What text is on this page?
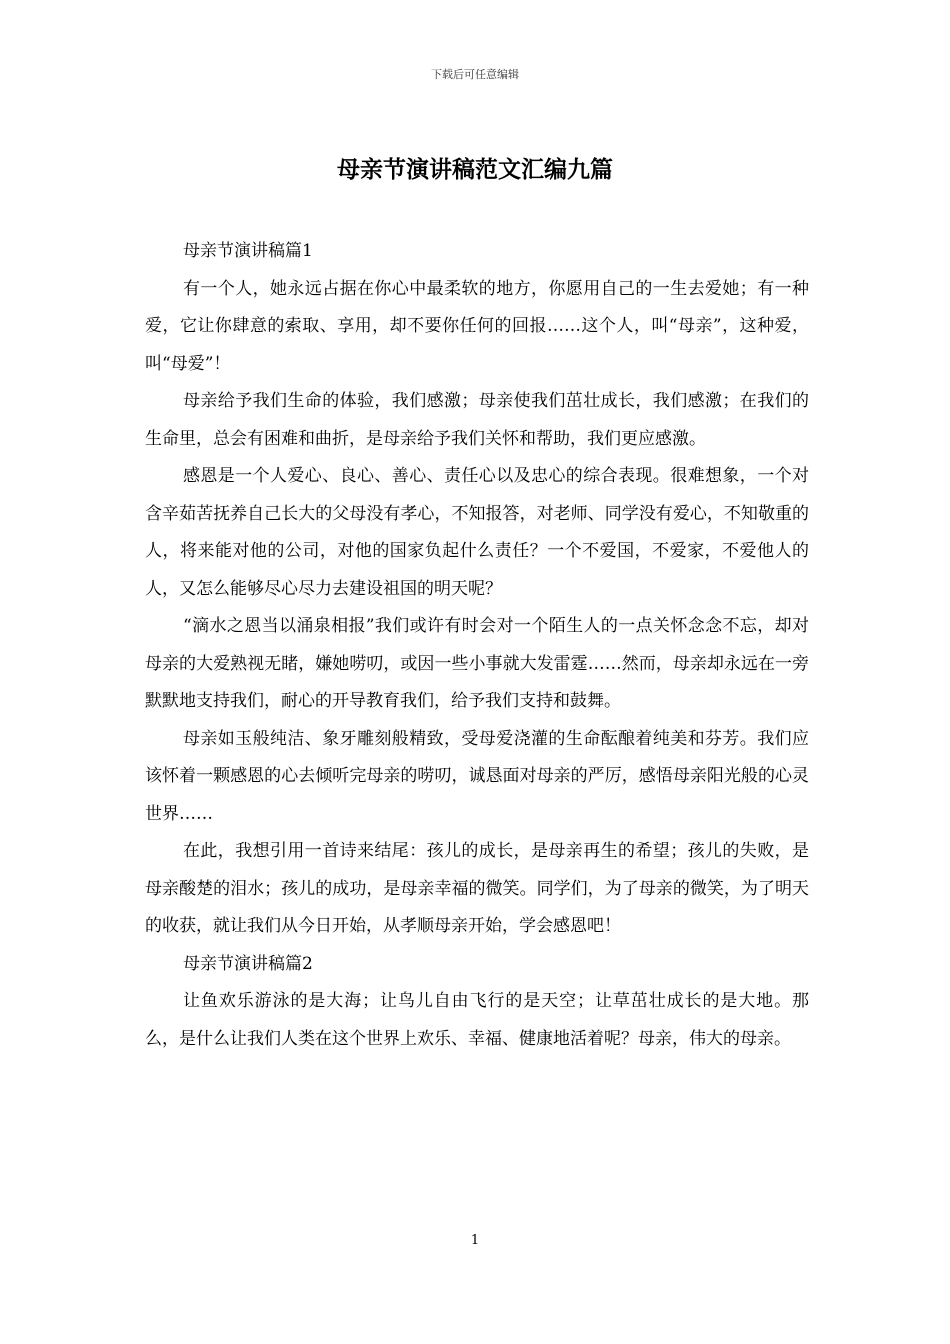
下载后可任意编辑
母亲节演讲稿范文汇编九篇

母亲节演讲稿篇1

有一个人，她永远占据在你心中最柔软的地方，你愿用自己的一生去爱她；有一种爱，它让你肆意的索取、享用，却不要你任何的回报……这个人，叫“母亲”，这种爱，叫“母爱”！

母亲给予我们生命的体验，我们感激；母亲使我们茁壮成长，我们感激；在我们的生命里，总会有困难和曲折，是母亲给予我们关怀和帮助，我们更应感激。

感恩是一个人爱心、良心、善心、责任心以及忠心的综合表现。很难想象，一个对含辛茹苦抚养自己长大的父母没有孝心，不知报答，对老师、同学没有爱心，不知敬重的人，将来能对他的公司，对他的国家负起什么责任？一个不爱国，不爱家，不爱他人的人，又怎么能够尽心尽力去建设祖国的明天呢？

“滴水之恩当以涌泉相报”我们或许有时会对一个陌生人的一点关怀念念不忘，却对母亲的大爱熟视无睹，嫌她唠叨，或因一些小事就大发雷霆……然而，母亲却永远在一旁默默地支持我们，耐心的开导教育我们，给予我们支持和鼓舞。

母亲如玉般纯洁、象牙雕刻般精致，受母爱浇灌的生命酝酿着纯美和芬芳。我们应该怀着一颗感恩的心去倾听完母亲的唠叨，诚恳面对母亲的严厉，感悟母亲阳光般的心灵世界……

在此，我想引用一首诗来结尾：孩儿的成长，是母亲再生的希望；孩儿的失败，是母亲酸楚的泪水；孩儿的成功，是母亲幸福的微笑。同学们，为了母亲的微笑，为了明天的收获，就让我们从今日开始，从孝顺母亲开始，学会感恩吧！

母亲节演讲稿篇2

让鱼欢乐游泳的是大海；让鸟儿自由飞行的是天空；让草茁壮成长的是大地。那么，是什么让我们人类在这个世界上欢乐、幸福、健康地活着呢？母亲，伟大的母亲。

1
